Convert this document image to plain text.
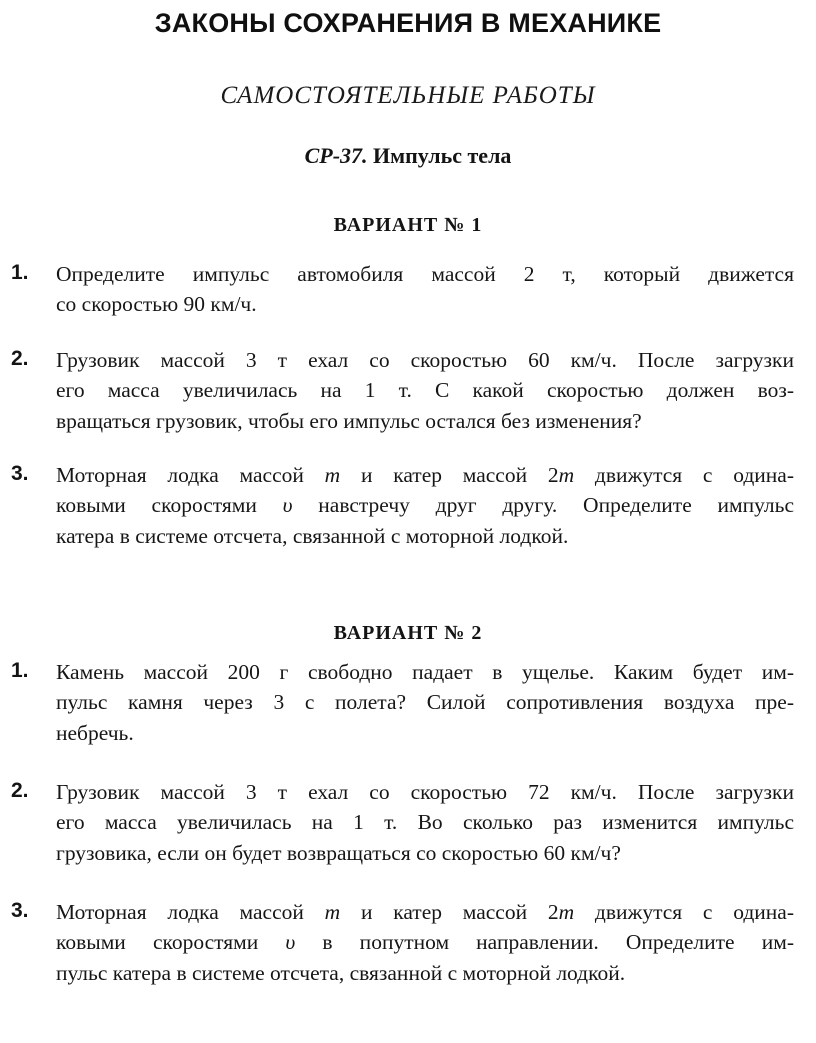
ЗАКОНЫ СОХРАНЕНИЯ В МЕХАНИКЕ
САМОСТОЯТЕЛЬНЫЕ РАБОТЫ
СР-37. Импульс тела
ВАРИАНТ № 1
1. Определите импульс автомобиля массой 2 т, который движется
со скоростью 90 км/ч.
2. Грузовик массой 3 т ехал со скоростью 60 км/ч. После загрузки
его масса увеличилась на 1 т. С какой скоростью должен воз-
вращаться грузовик, чтобы его импульс остался без изменения?
3. Моторная лодка массой m и катер массой 2m движутся с одина-
ковыми скоростями υ навстречу друг другу. Определите импульс
катера в системе отсчета, связанной с моторной лодкой.
ВАРИАНТ № 2
1. Камень массой 200 г свободно падает в ущелье. Каким будет им-
пульс камня через 3 с полета? Силой сопротивления воздуха пре-
небречь.
2. Грузовик массой 3 т ехал со скоростью 72 км/ч. После загрузки
его масса увеличилась на 1 т. Во сколько раз изменится импульс
грузовика, если он будет возвращаться со скоростью 60 км/ч?
3. Моторная лодка массой m и катер массой 2m движутся с одина-
ковыми скоростями υ в попутном направлении. Определите им-
пульс катера в системе отсчета, связанной с моторной лодкой.
